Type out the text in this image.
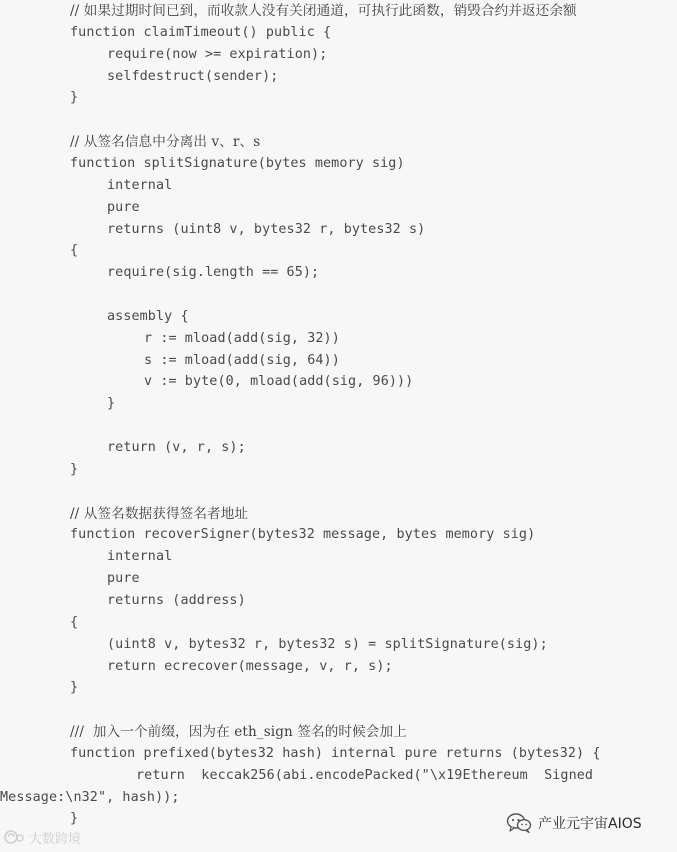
// 如果过期时间已到，而收款人没有关闭通道，可执行此函数，销毁合约并返还余额
function claimTimeout() public {
require(now >= expiration);
selfdestruct(sender);
}
// 从签名信息中分离出 v、r、s
function splitSignature(bytes memory sig)
internal
pure
returns (uint8 v, bytes32 r, bytes32 s)
{
require(sig.length == 65);
assembly {
r := mload(add(sig, 32))
s := mload(add(sig, 64))
v := byte(0, mload(add(sig, 96)))
}
return (v, r, s);
}
// 从签名数据获得签名者地址
function recoverSigner(bytes32 message, bytes memory sig)
internal
pure
returns (address)
{
(uint8 v, bytes32 r, bytes32 s) = splitSignature(sig);
return ecrecover(message, v, r, s);
}
///  加入一个前缀，因为在 eth_sign 签名的时候会加上
function prefixed(bytes32 hash) internal pure returns (bytes32) {
return  keccak256(abi.encodePacked("\x19Ethereum  Signed
Message:\n32", hash));
}
大数跨境
产业元宇宙AIOS
